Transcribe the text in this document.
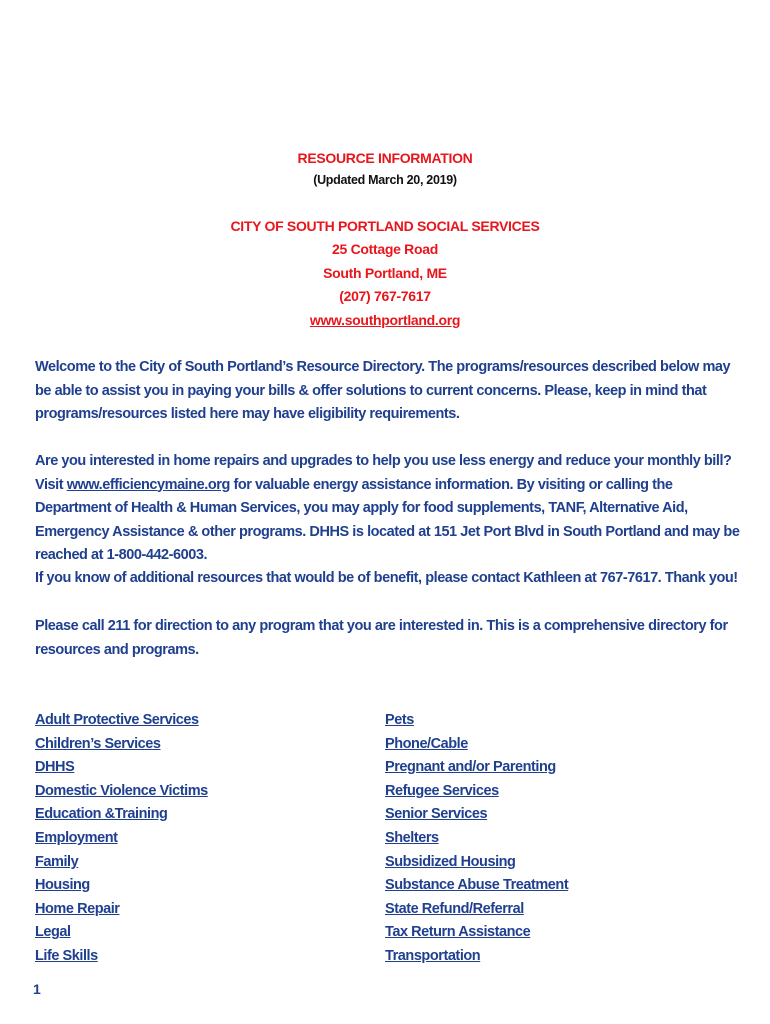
RESOURCE INFORMATION
(Updated March 20, 2019)
CITY OF SOUTH PORTLAND SOCIAL SERVICES
25 Cottage Road
South Portland, ME
(207) 767-7617
www.southportland.org

Welcome to the City of South Portland’s Resource Directory. The programs/resources described below may be able to assist you in paying your bills & offer solutions to current concerns. Please, keep in mind that programs/resources listed here may have eligibility requirements.

Are you interested in home repairs and upgrades to help you use less energy and reduce your monthly bill? Visit www.efficiencymaine.org for valuable energy assistance information. By visiting or calling the Department of Health & Human Services, you may apply for food supplements, TANF, Alternative Aid, Emergency Assistance & other programs. DHHS is located at 151 Jet Port Blvd in South Portland and may be reached at 1-800-442-6003.

If you know of additional resources that would be of benefit, please contact Kathleen at 767-7617. Thank you!

Please call 211 for direction to any program that you are interested in. This is a comprehensive directory for resources and programs.

Adult Protective Services
Children’s Services
DHHS
Domestic Violence Victims
Education &Training
Employment
Family
Housing
Home Repair
Legal
Life Skills
Pets
Phone/Cable
Pregnant and/or Parenting
Refugee Services
Senior Services
Shelters
Subsidized Housing
Substance Abuse Treatment
State Refund/Referral
Tax Return Assistance
Transportation
1
